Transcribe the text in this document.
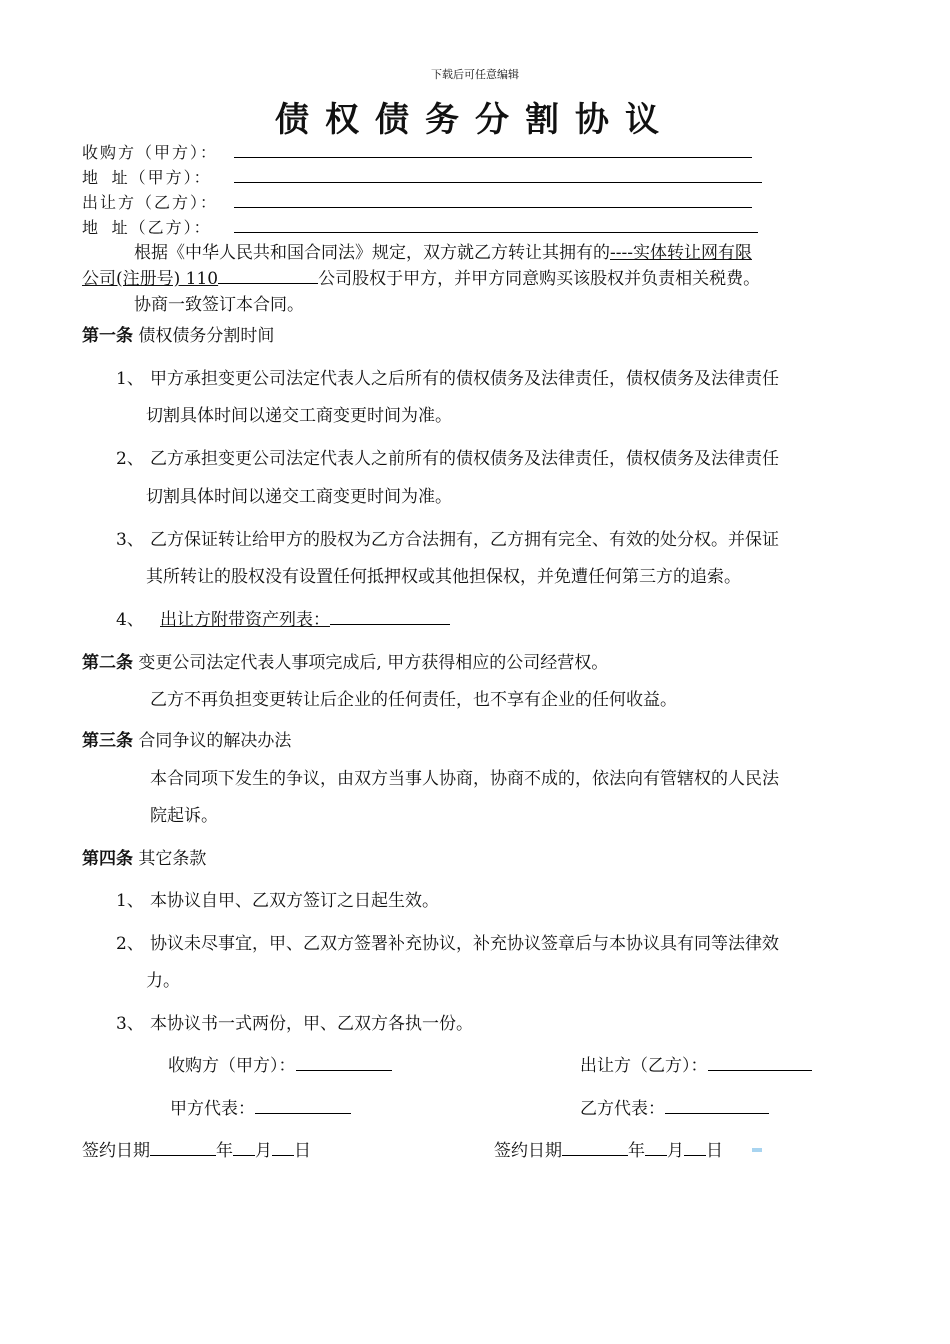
下载后可任意编辑
债权债务分割协议
收购方（甲方）：
地 址（甲方）：
出让方（乙方）：
地 址（乙方）：
根据《中华人民共和国合同法》规定，双方就乙方转让其拥有的----实体转让网有限
公司(注册号) 110	公司股权于甲方，并甲方同意购买该股权并负责相关税费。
协商一致签订本合同。
第一条 债权债务分割时间
1、 甲方承担变更公司法定代表人之后所有的债权债务及法律责任，债权债务及法律责任
切割具体时间以递交工商变更时间为准。
2、 乙方承担变更公司法定代表人之前所有的债权债务及法律责任，债权债务及法律责任
切割具体时间以递交工商变更时间为准。
3、 乙方保证转让给甲方的股权为乙方合法拥有，乙方拥有完全、有效的处分权。并保证
其所转让的股权没有设置任何抵押权或其他担保权，并免遭任何第三方的追索。
4、 出让方附带资产列表：
第二条 变更公司法定代表人事项完成后, 甲方获得相应的公司经营权。
乙方不再负担变更转让后企业的任何责任，也不享有企业的任何收益。
第三条 合同争议的解决办法
本合同项下发生的争议，由双方当事人协商，协商不成的，依法向有管辖权的人民法
院起诉。
第四条 其它条款
1、 本协议自甲、乙双方签订之日起生效。
2、 协议未尽事宜，甲、乙双方签署补充协议，补充协议签章后与本协议具有同等法律效
力。
3、 本协议书一式两份，甲、乙双方各执一份。
收购方（甲方）：	出让方（乙方）：
甲方代表：	乙方代表：
签约日期	年 月 日	签约日期	年 月 日
